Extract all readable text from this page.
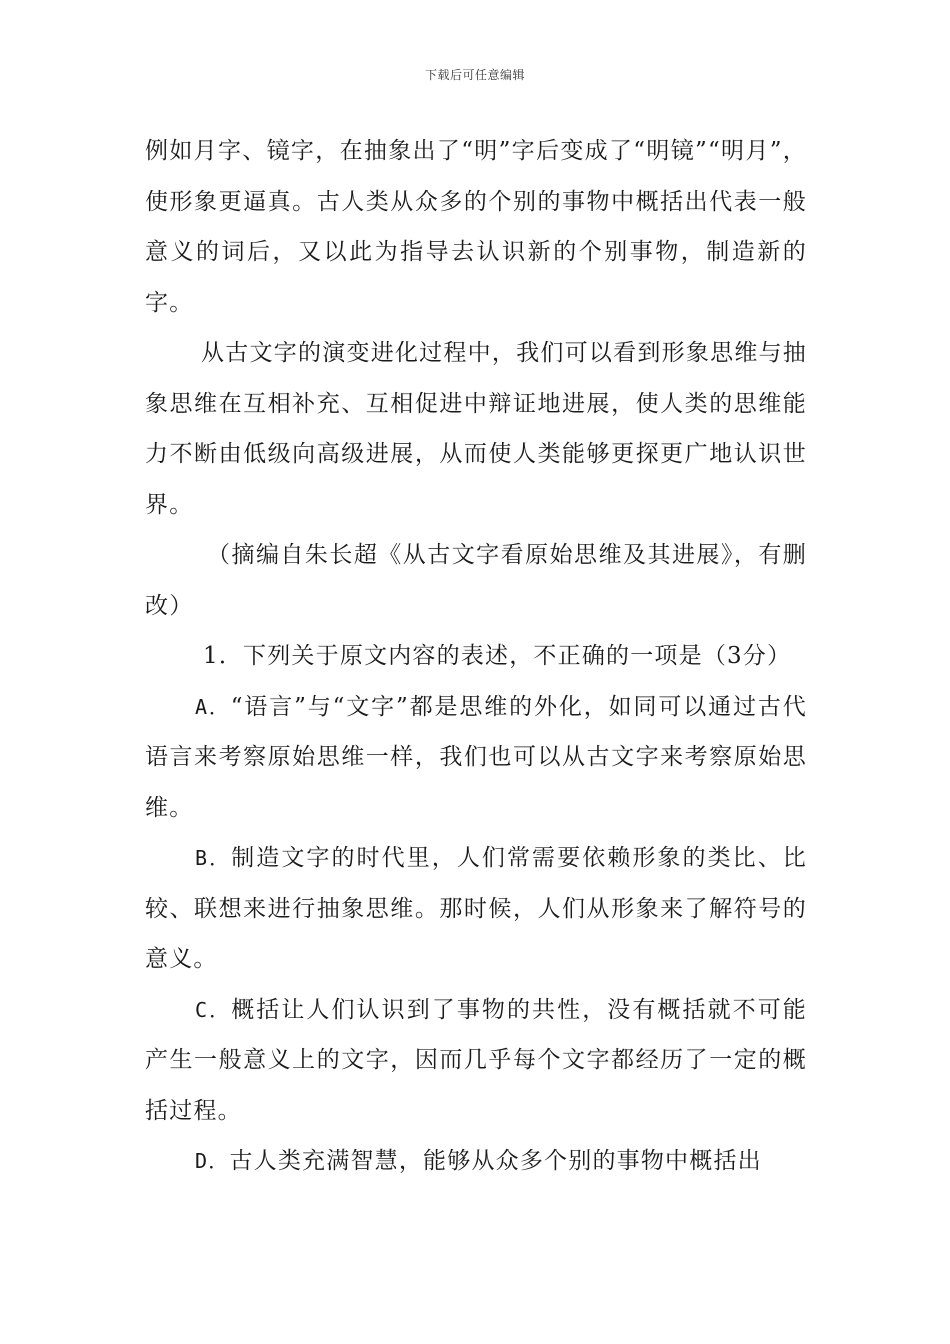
下载后可任意编辑

例如月字、镜字，在抽象出了“明”字后变成了“明镜”“明月”，使形象更逼真。古人类从众多的个别的事物中概括出代表一般意义的词后，又以此为指导去认识新的个别事物，制造新的字。

从古文字的演变进化过程中，我们可以看到形象思维与抽象思维在互相补充、互相促进中辩证地进展，使人类的思维能力不断由低级向高级进展，从而使人类能够更探更广地认识世界。

（摘编自朱长超《从古文字看原始思维及其进展》，有删改）

1．下列关于原文内容的表述，不正确的一项是（3分）

A．“语言”与“文字”都是思维的外化，如同可以通过古代语言来考察原始思维一样，我们也可以从古文字来考察原始思维。

B．制造文字的时代里，人们常需要依赖形象的类比、比较、联想来进行抽象思维。那时候，人们从形象来了解符号的意义。

C．概括让人们认识到了事物的共性，没有概括就不可能产生一般意义上的文字，因而几乎每个文字都经历了一定的概括过程。

D．古人类充满智慧，能够从众多个别的事物中概括出
